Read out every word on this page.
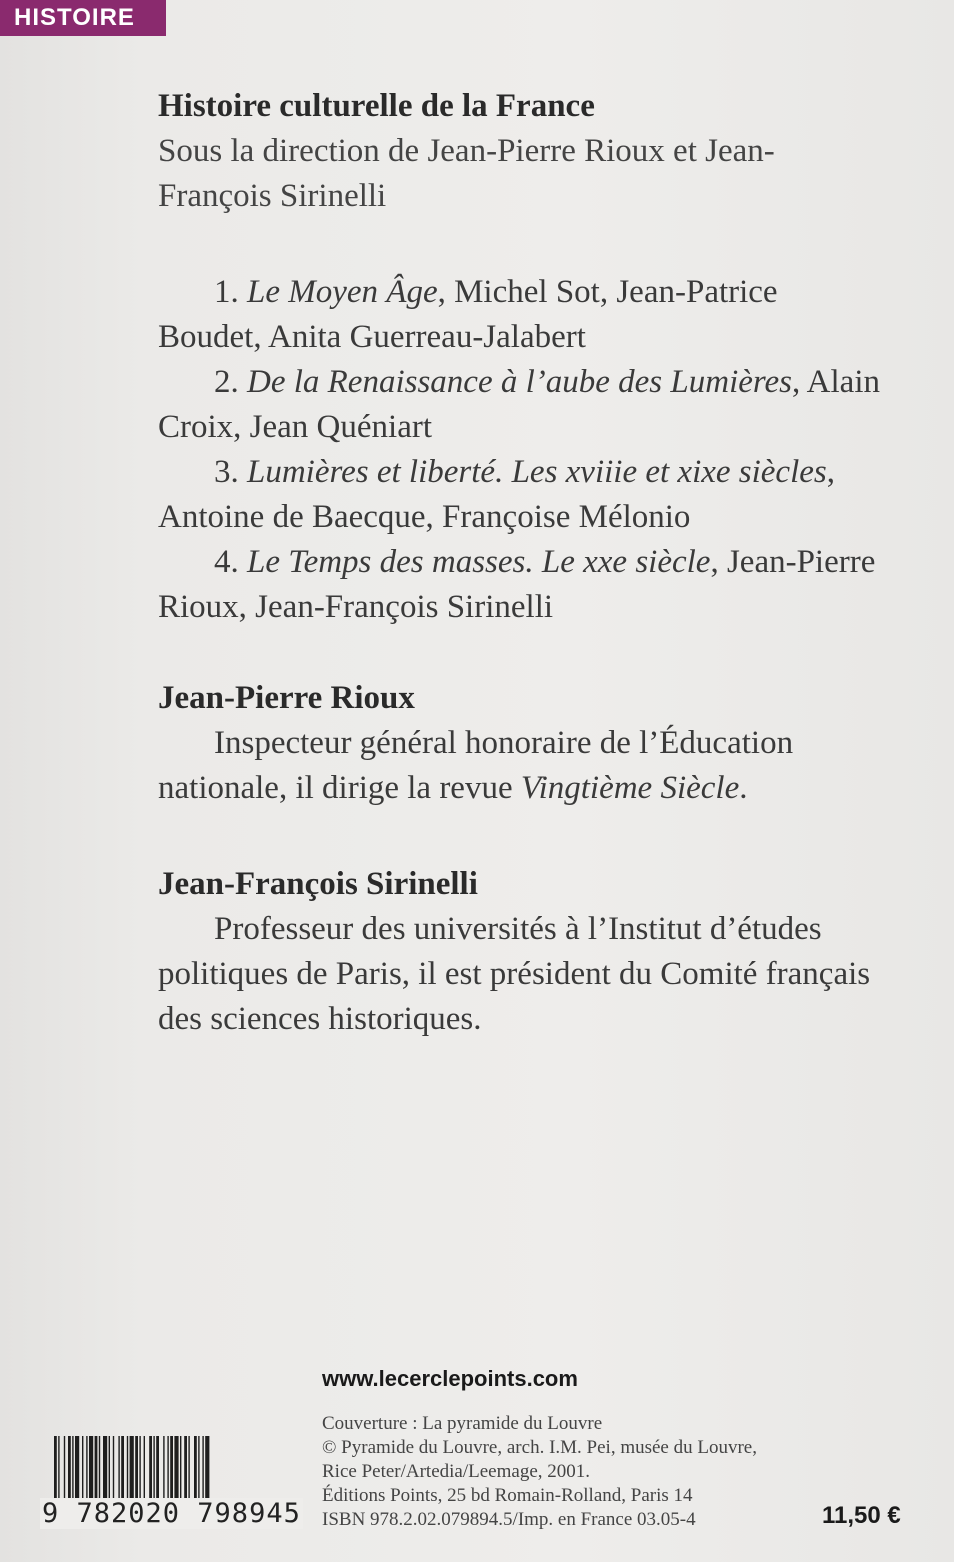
HISTOIRE
Histoire culturelle de la France
Sous la direction de Jean-Pierre Rioux et Jean-François Sirinelli

1. Le Moyen Âge, Michel Sot, Jean-Patrice Boudet, Anita Guerreau-Jalabert

2. De la Renaissance à l’aube des Lumières, Alain Croix, Jean Quéniart

3. Lumières et liberté. Les xviiie et xixe siècles, Antoine de Baecque, Françoise Mélonio

4. Le Temps des masses. Le xxe siècle, Jean-Pierre Rioux, Jean-François Sirinelli

Jean-Pierre Rioux

Inspecteur général honoraire de l’Éducation nationale, il dirige la revue Vingtième Siècle.

Jean-François Sirinelli

Professeur des universités à l’Institut d’études politiques de Paris, il est président du Comité français des sciences historiques.

www.lecerclepoints.com
Couverture : La pyramide du Louvre
© Pyramide du Louvre, arch. I.M. Pei, musée du Louvre,
Rice Peter/Artedia/Leemage, 2001.
Éditions Points, 25 bd Romain-Rolland, Paris 14
ISBN 978.2.02.079894.5/Imp. en France 03.05-4
9 782020 798945	11,50 €
